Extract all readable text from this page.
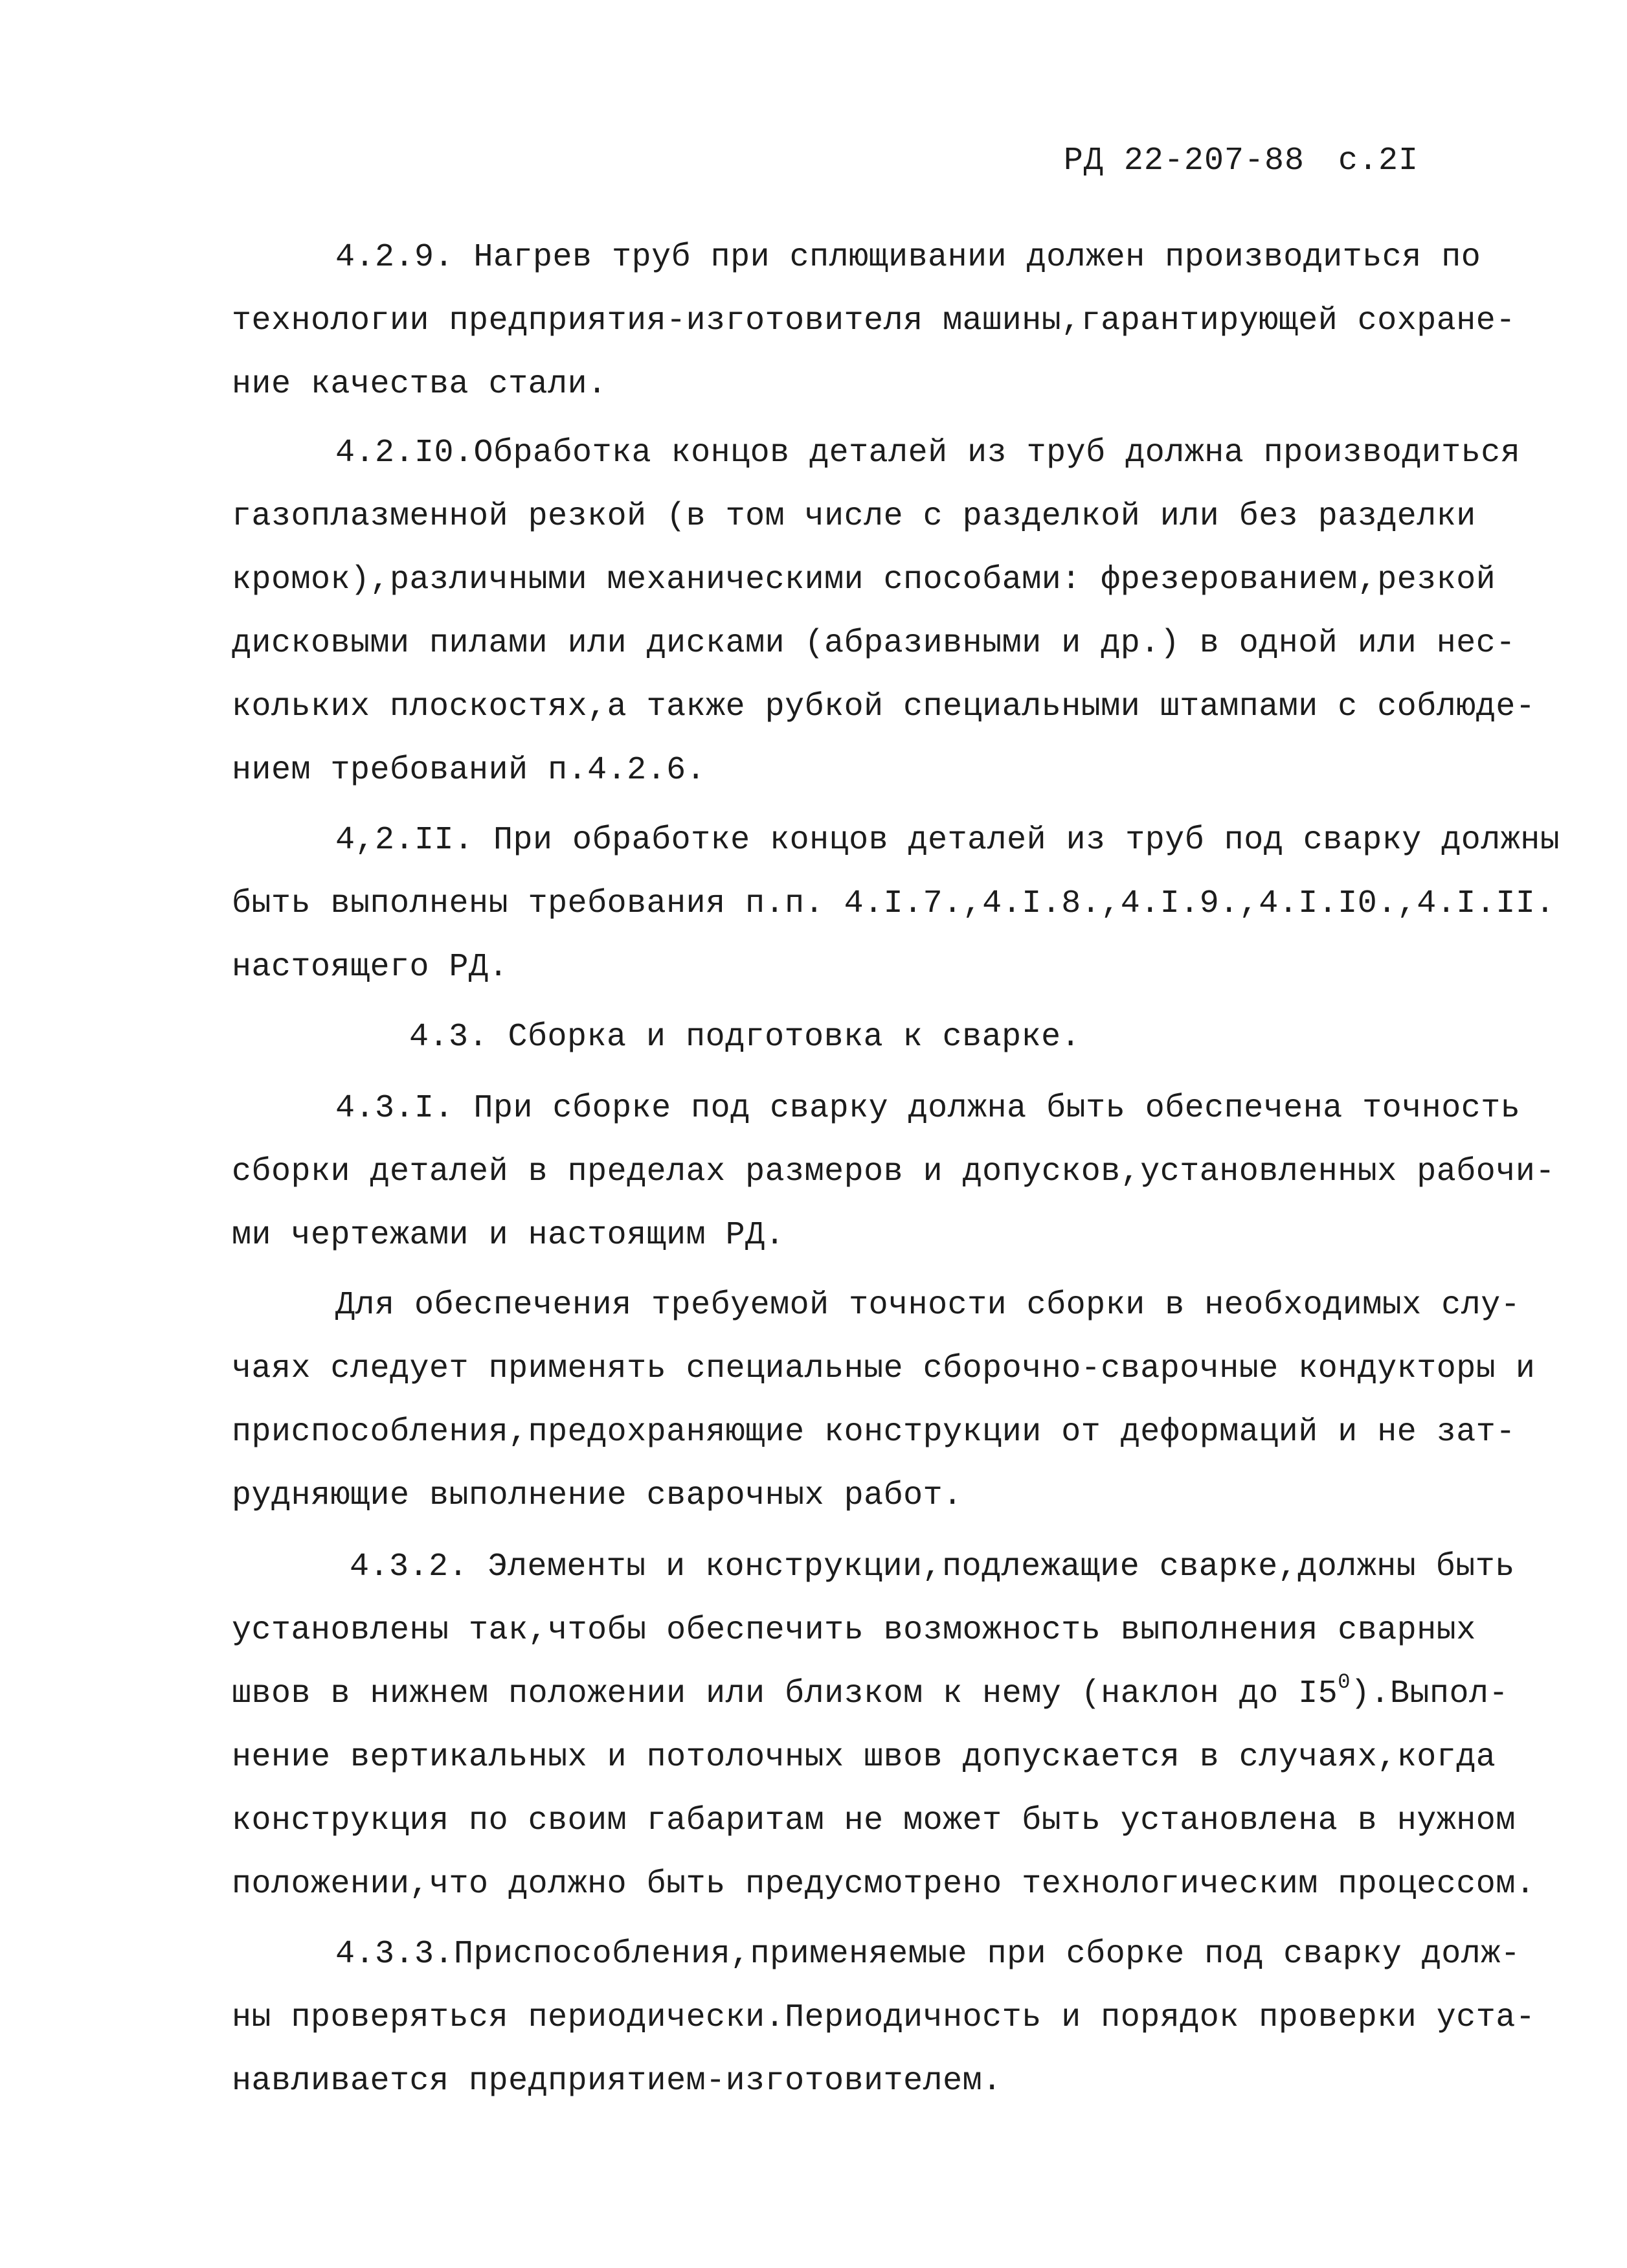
РД 22-207-88 с.2I
4.2.9. Нагрев труб при сплющивании должен производиться по
технологии предприятия-изготовителя машины,гарантирующей сохране-
ние качества стали.
4.2.I0.Обработка концов деталей из труб должна производиться
газоплазменной резкой (в том числе с разделкой или без разделки
кромок),различными механическими способами: фрезерованием,резкой
дисковыми пилами или дисками (абразивными и др.) в одной или нес-
кольких плоскостях,а также рубкой специальными штампами с соблюде-
нием требований п.4.2.6.
4,2.II. При обработке концов деталей из труб под сварку должны
быть выполнены требования п.п. 4.I.7.,4.I.8.,4.I.9.,4.I.I0.,4.I.II.
настоящего РД.
4.3. Сборка и подготовка к сварке.
4.3.I. При сборке под сварку должна быть обеспечена точность
сборки деталей в пределах размеров и допусков,установленных рабочи-
ми чертежами и настоящим РД.
Для обеспечения требуемой точности сборки в необходимых слу-
чаях следует применять специальные сборочно-сварочные кондукторы и
приспособления,предохраняющие конструкции от деформаций и не зат-
рудняющие выполнение сварочных работ.
4.3.2. Элементы и конструкции,подлежащие сварке,должны быть
установлены так,чтобы обеспечить возможность выполнения сварных
швов в нижнем положении или близком к нему (наклон до $I5^0).Выпол-$
нение вертикальных и потолочных швов допускается в случаях,когда
конструкция по своим габаритам не может быть установлена в нужном
положении,что должно быть предусмотрено технологическим процессом.
4.3.3.Приспособления,применяемые при сборке под сварку долж-
ны проверяться периодически.Периодичность и порядок проверки уста-
навливается предприятием-изготовителем.
